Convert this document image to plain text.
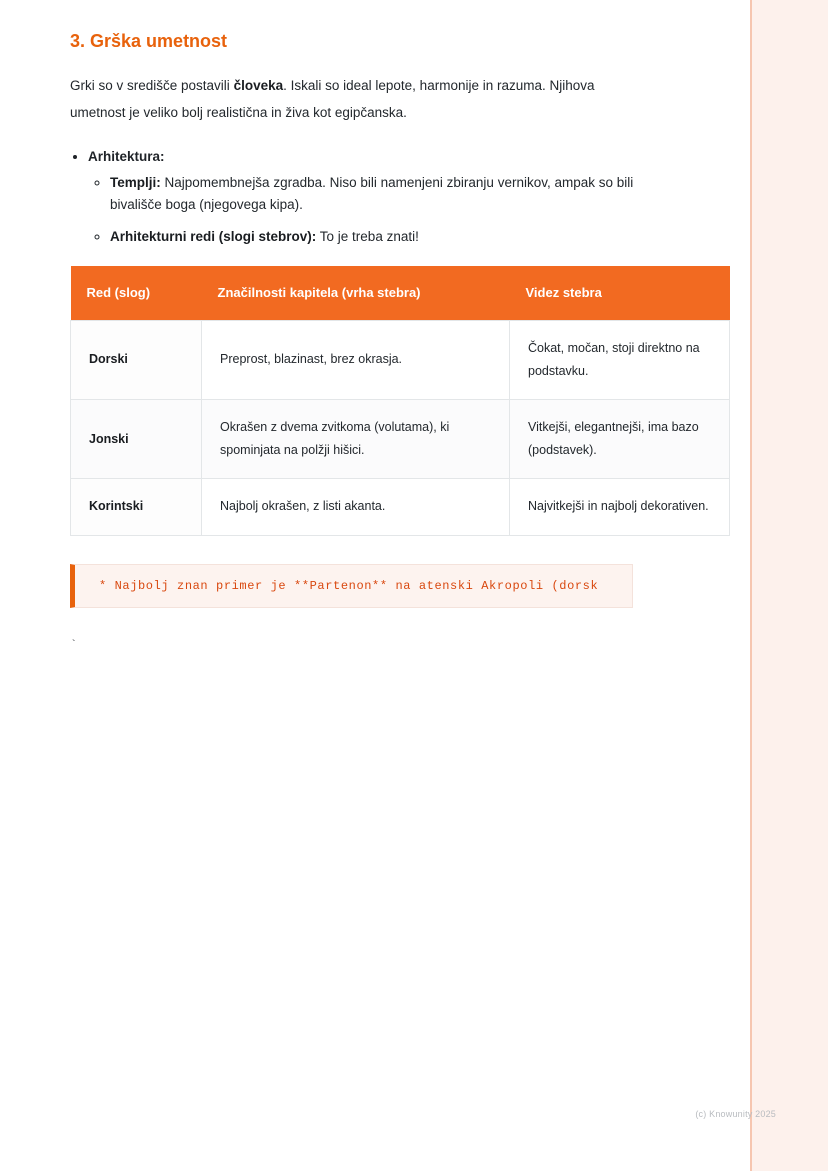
3. Grška umetnost

Grki so v središče postavili človeka. Iskali so ideal lepote, harmonije in razuma. Njihova umetnost je veliko bolj realistična in živa kot egipčanska.

• Arhitektura:
◦ Templji: Najpomembnejša zgradba. Niso bili namenjeni zbiranju vernikov, ampak so bili bivališče boga (njegovega kipa).
◦ Arhitekturni redi (slogi stebrov): To je treba znati!
Red (slog)	Značilnosti kapitela (vrha stebra)	Videz stebra
Dorski	Preprost, blazinast, brez okrasja.	Čokat, močan, stoji direktno na podstavku.
Jonski	Okrašen z dvema zvitkoma (volutama), ki spominjata na polžji hišici.	Vitkejši, elegantnejši, ima bazo (podstavek).
Korintski	Najbolj okrašen, z listi akanta.	Najvitkejši in najbolj dekorativen.
* Najbolj znan primer je **Partenon** na atenski Akropoli (dorsk
`
(c) Knowunity 2025
